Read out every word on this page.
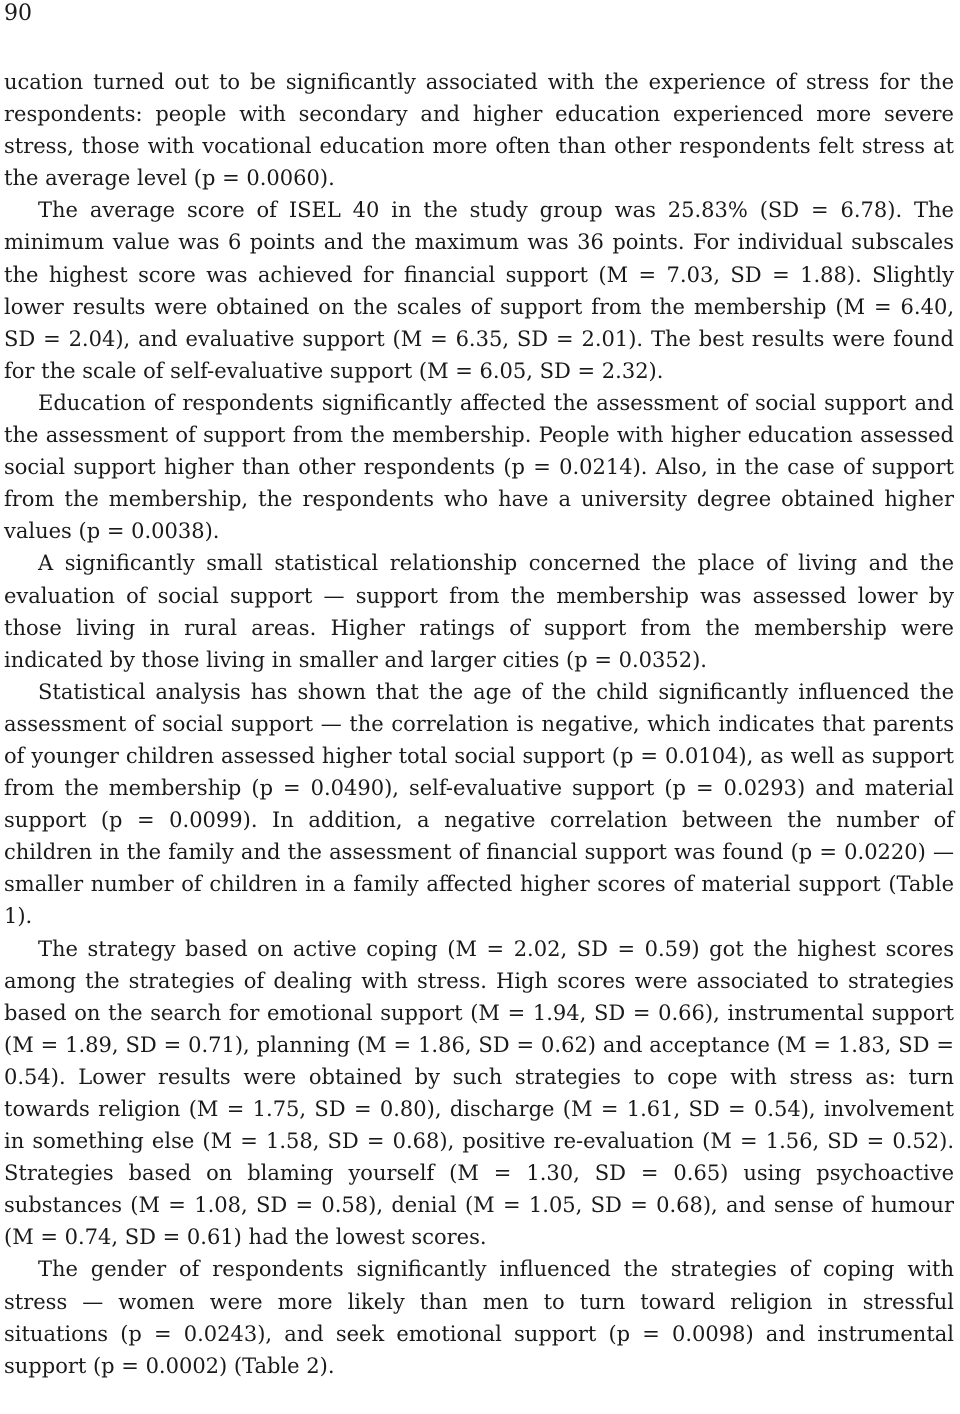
90

ucation turned out to be significantly associated with the experience of stress for the respondents: people with secondary and higher education experienced more severe stress, those with vocational education more often than other respondents felt stress at the average level (p = 0.0060).

The average score of ISEL 40 in the study group was 25.83% (SD = 6.78). The minimum value was 6 points and the maximum was 36 points. For individual subscales the highest score was achieved for financial support (M = 7.03, SD = 1.88). Slightly lower results were obtained on the scales of support from the membership (M = 6.40, SD = 2.04), and evaluative support (M = 6.35, SD = 2.01). The best results were found for the scale of self-evaluative support (M = 6.05, SD = 2.32).

Education of respondents significantly affected the assessment of social support and the assessment of support from the membership. People with higher education assessed social support higher than other respondents (p = 0.0214). Also, in the case of support from the membership, the respondents who have a university degree obtained higher values (p = 0.0038).

A significantly small statistical relationship concerned the place of living and the evaluation of social support — support from the membership was assessed lower by those living in rural areas. Higher ratings of support from the membership were indicated by those living in smaller and larger cities (p = 0.0352).

Statistical analysis has shown that the age of the child significantly influenced the assessment of social support — the correlation is negative, which indicates that parents of younger children assessed higher total social support (p = 0.0104), as well as support from the membership (p = 0.0490), self-evaluative support (p = 0.0293) and material support (p = 0.0099). In addition, a negative correlation between the number of children in the family and the assessment of financial support was found (p = 0.0220) — smaller number of children in a family affected higher scores of material support (Table 1).

The strategy based on active coping (M = 2.02, SD = 0.59) got the highest scores among the strategies of dealing with stress. High scores were associated to strategies based on the search for emotional support (M = 1.94, SD = 0.66), instrumental support (M = 1.89, SD = 0.71), planning (M = 1.86, SD = 0.62) and acceptance (M = 1.83, SD = 0.54). Lower results were obtained by such strategies to cope with stress as: turn towards religion (M = 1.75, SD = 0.80), discharge (M = 1.61, SD = 0.54), involvement in something else (M = 1.58, SD = 0.68), positive re-evaluation (M = 1.56, SD = 0.52). Strategies based on blaming yourself (M = 1.30, SD = 0.65) using psychoactive substances (M = 1.08, SD = 0.58), denial (M = 1.05, SD = 0.68), and sense of humour (M = 0.74, SD = 0.61) had the lowest scores.

The gender of respondents significantly influenced the strategies of coping with stress — women were more likely than men to turn toward religion in stressful situations (p = 0.0243), and seek emotional support (p = 0.0098) and instrumental support (p = 0.0002) (Table 2).
